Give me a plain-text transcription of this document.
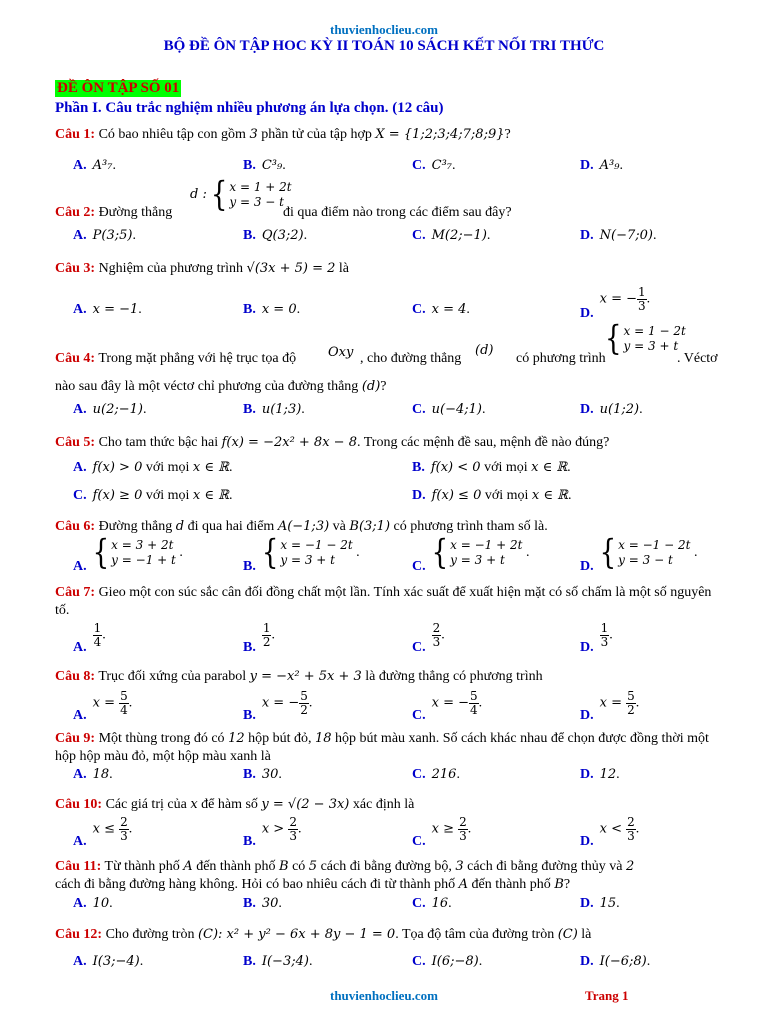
thuvienhoclieu.com
BỘ ĐỀ ÔN TẬP HOC KỲ II TOÁN 10 SÁCH KẾT NỐI TRI THỨC
ĐỀ ÔN TẬP SỐ 01
Phần I. Câu trắc nghiệm nhiều phương án lựa chọn. (12 câu)
Câu 1: Có bao nhiêu tập con gồm 3 phần tử của tập hợp X = {1;2;3;4;7;8;9}?
A. A³₇.	B. C³₉.	C. C³₇.	D. A³₉.
Câu 2: Đường thẳng
d : { x = 1 + 2t
y = 3 − t
đi qua điểm nào trong các điểm sau đây?
A. P(3;5).	B. Q(3;2).	C. M(2;−1).	D. N(−7;0).
Câu 3: Nghiệm của phương trình √(3x + 5) = 2 là
A. x = −1.	B. x = 0.	C. x = 4.	D.x = − $\frac{1}{3}$ .
Câu 4: Trong mặt phẳng với hệ trục tọa độ Oxy , cho đường thẳng
(d)
có phương trình { x = 1 − 2t
y = 3 + t
. Véctơ
nào sau đây là một véctơ chỉ phương của đường thẳng (d)?
A. u(2;−1).	B. u(1;3).	C. u(−4;1).	D. u(1;2).
Câu 5: Cho tam thức bậc hai f(x) = −2x² + 8x − 8. Trong các mệnh đề sau, mệnh đề nào đúng?
A. f(x) > 0 với mọi x ∈ ℝ.	B. f(x) < 0 với mọi x ∈ ℝ.
C. f(x) ≥ 0 với mọi x ∈ ℝ.	D. f(x) ≤ 0 với mọi x ∈ ℝ.
Câu 6: Đường thẳng d đi qua hai điểm A(−1;3) và B(3;1) có phương trình tham số là.
A. { x = 3 + 2t
y = −1 + t .
B. { x = −1 − 2t
y = 3 + t	.
C. { x = −1 + 2t
y = 3 + t	.
D. { x = −1 − 2t
y = 3 − t	.
Câu 7: Gieo một con súc sắc cân đối đồng chất một lần. Tính xác suất để xuất hiện mặt có số chấm là một số nguyên tố.
A. $\frac{1}{4}$ .
B. $\frac{1}{2}$ .
C. $\frac{2}{3}$ .
D. $\frac{1}{3}$ .
Câu 8: Trục đối xứng của parabol y = −x² + 5x + 3 là đường thẳng có phương trình
$A.x = \frac{5}{4}$ .
B.x = − $\frac{5}{2}$ .
C.x = − $\frac{5}{4}$ .
$D.x = \frac{5}{2}$ .
Câu 9: Một thùng trong đó có 12 hộp bút đỏ, 18 hộp bút màu xanh. Số cách khác nhau để chọn được đồng thời một hộp hộp màu đỏ, một hộp màu xanh là
A. 18.	B. 30.	C. 216.	D. 12.
Câu 10: Các giá trị của x để hàm số y = √(2 − 3x) xác định là
$A.x \le \frac{2}{3}$ .
$B.x > \frac{2}{3}$ .
$C.x \ge \frac{2}{3}$ .
$D.x < \frac{2}{3}$ .
Câu 11: Từ thành phố A đến thành phố B có 5 cách đi bằng đường bộ, 3 cách đi bằng đường thủy và 2
cách đi bằng đường hàng không. Hỏi có bao nhiêu cách đi từ thành phố A đến thành phố B?
A. 10.	B. 30.	C. 16.	D. 15.
Câu 12: Cho đường tròn (C): x² + y² − 6x + 8y − 1 = 0. Tọa độ tâm của đường tròn (C) là
A. I(3;−4).	B. I(−3;4).	C. I(6;−8).	D. I(−6;8).
thuvienhoclieu.com	Trang 1
